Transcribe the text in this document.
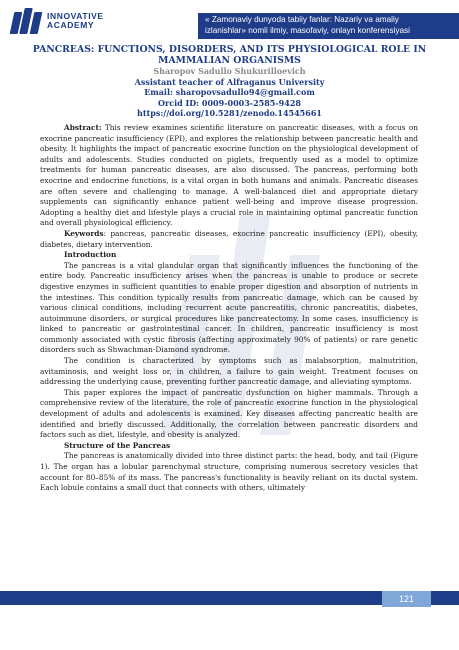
INNOVATIVE
ACADEMY
« Zamonaviy dunyoda tabiiy fanlar: Nazariy va amaliy
izlanishlar» nomli ilmiy, masofaviy, onlayn konferensiyasi

PANCREAS: FUNCTIONS, DISORDERS, AND ITS PHYSIOLOGICAL ROLE IN

MAMMALIAN ORGANISMS

Sharopov Sadullo Shukurilloevich
Assistant teacher of Alfraganus University
Email: sharopovsadullo94@gmail.com
Orcid ID: 0009-0003-2585-9428
https://doi.org/10.5281/zenodo.14545661

Abstract: This review examines scientific literature on pancreatic diseases, with a focus on exocrine pancreatic insufficiency (EPI), and explores the relationship between pancreatic health and obesity. It highlights the impact of pancreatic exocrine function on the physiological development of adults and adolescents. Studies conducted on piglets, frequently used as a model to optimize treatments for human pancreatic diseases, are also discussed. The pancreas, performing both exocrine and endocrine functions, is a vital organ in both humans and animals. Pancreatic diseases are often severe and challenging to manage. A well-balanced diet and appropriate dietary supplements can significantly enhance patient well-being and improve disease progression. Adopting a healthy diet and lifestyle plays a crucial role in maintaining optimal pancreatic function and overall physiological efficiency.

Keywords: pancreas, pancreatic diseases, exocrine pancreatic insufficiency (EPI), obesity, diabetes, dietary intervention.

Introduction

The pancreas is a vital glandular organ that significantly influences the functioning of the entire body. Pancreatic insufficiency arises when the pancreas is unable to produce or secrete digestive enzymes in sufficient quantities to enable proper digestion and absorption of nutrients in the intestines. This condition typically results from pancreatic damage, which can be caused by various clinical conditions, including recurrent acute pancreatitis, chronic pancreatitis, diabetes, autoimmune disorders, or surgical procedures like pancreatectomy. In some cases, insufficiency is linked to pancreatic or gastrointestinal cancer. In children, pancreatic insufficiency is most commonly associated with cystic fibrosis (affecting approximately 90% of patients) or rare genetic disorders such as Shwachman-Diamond syndrome.

The condition is characterized by symptoms such as malabsorption, malnutrition, avitaminosis, and weight loss or, in children, a failure to gain weight. Treatment focuses on addressing the underlying cause, preventing further pancreatic damage, and alleviating symptoms.

This paper explores the impact of pancreatic dysfunction on higher mammals. Through a comprehensive review of the literature, the role of pancreatic exocrine function in the physiological development of adults and adolescents is examined. Key diseases affecting pancreatic health are identified and briefly discussed. Additionally, the correlation between pancreatic disorders and factors such as diet, lifestyle, and obesity is analyzed.

Structure of the Pancreas

The pancreas is anatomically divided into three distinct parts: the head, body, and tail (Figure 1). The organ has a lobular parenchymal structure, comprising numerous secretory vesicles that account for 80–85% of its mass. The pancreas's functionality is heavily reliant on its ductal system. Each lobule contains a small duct that connects with others, ultimately

121
